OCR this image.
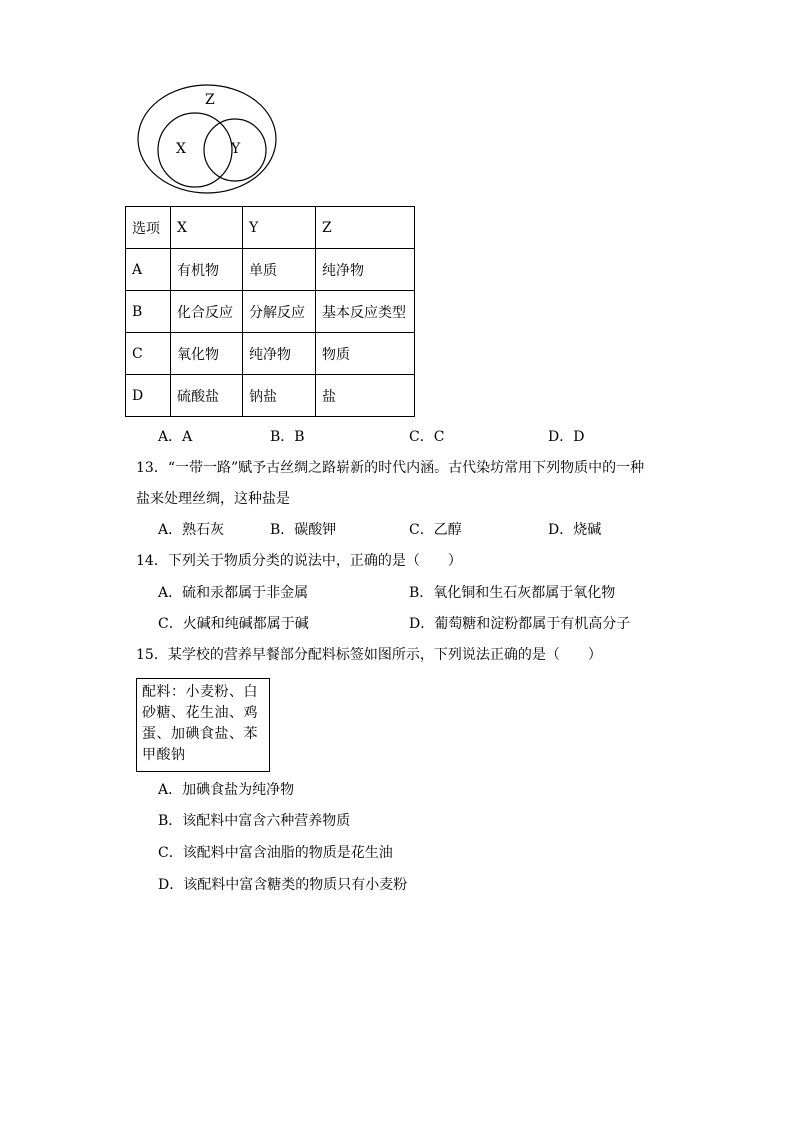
Z
X	Y
选项	X	Y	Z
A	有机物	单质	纯净物
B	化合反应	分解反应	基本反应类型
C	氧化物	纯净物	物质
D	硫酸盐	钠盐	盐
A．A	B．B	C．C	D．D
13．“一带一路”赋予古丝绸之路崭新的时代内涵。古代染坊常用下列物质中的一种
盐来处理丝绸，这种盐是
A．熟石灰	B．碳酸钾	C．乙醇	D．烧碱
14．下列关于物质分类的说法中，正确的是（　　）
A．硫和汞都属于非金属	B．氧化铜和生石灰都属于氧化物
C．火碱和纯碱都属于碱	D．葡萄糖和淀粉都属于有机高分子
15．某学校的营养早餐部分配料标签如图所示，下列说法正确的是（　　）
配料：小麦粉、白砂糖、花生油、鸡蛋、加碘食盐、苯甲酸钠
A．加碘食盐为纯净物
B．该配料中富含六种营养物质
C．该配料中富含油脂的物质是花生油
D．该配料中富含糖类的物质只有小麦粉
